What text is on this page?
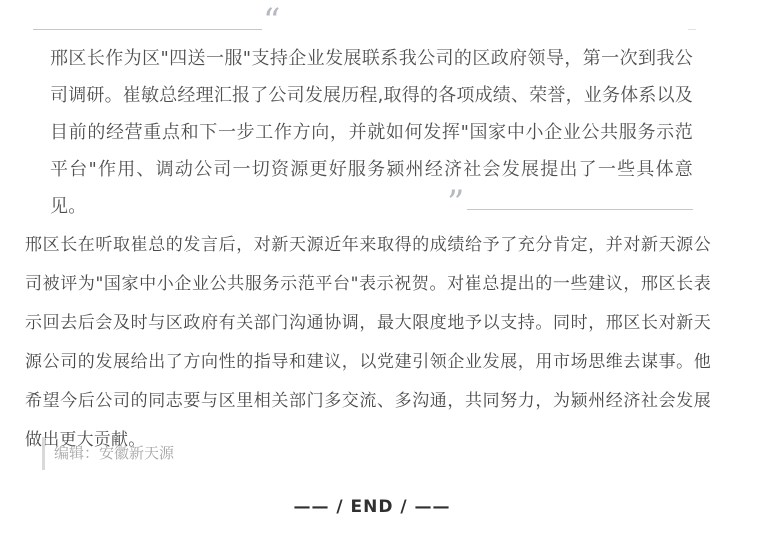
“
邢区长作为区"四送一服"支持企业发展联系我公司的区政府领导，第一次到我公司调研。崔敏总经理汇报了公司发展历程,取得的各项成绩、荣誉，业务体系以及目前的经营重点和下一步工作方向，并就如何发挥"国家中小企业公共服务示范平台"作用、调动公司一切资源更好服务颍州经济社会发展提出了一些具体意见。	”
邢区长在听取崔总的发言后，对新天源近年来取得的成绩给予了充分肯定，并对新天源公司被评为"国家中小企业公共服务示范平台"表示祝贺。对崔总提出的一些建议，邢区长表示回去后会及时与区政府有关部门沟通协调，最大限度地予以支持。同时，邢区长对新天源公司的发展给出了方向性的指导和建议，以党建引领企业发展，用市场思维去谋事。他希望今后公司的同志要与区里相关部门多交流、多沟通，共同努力，为颍州经济社会发展做出更大贡献。
编辑：安徽新天源
—— / END / ——
